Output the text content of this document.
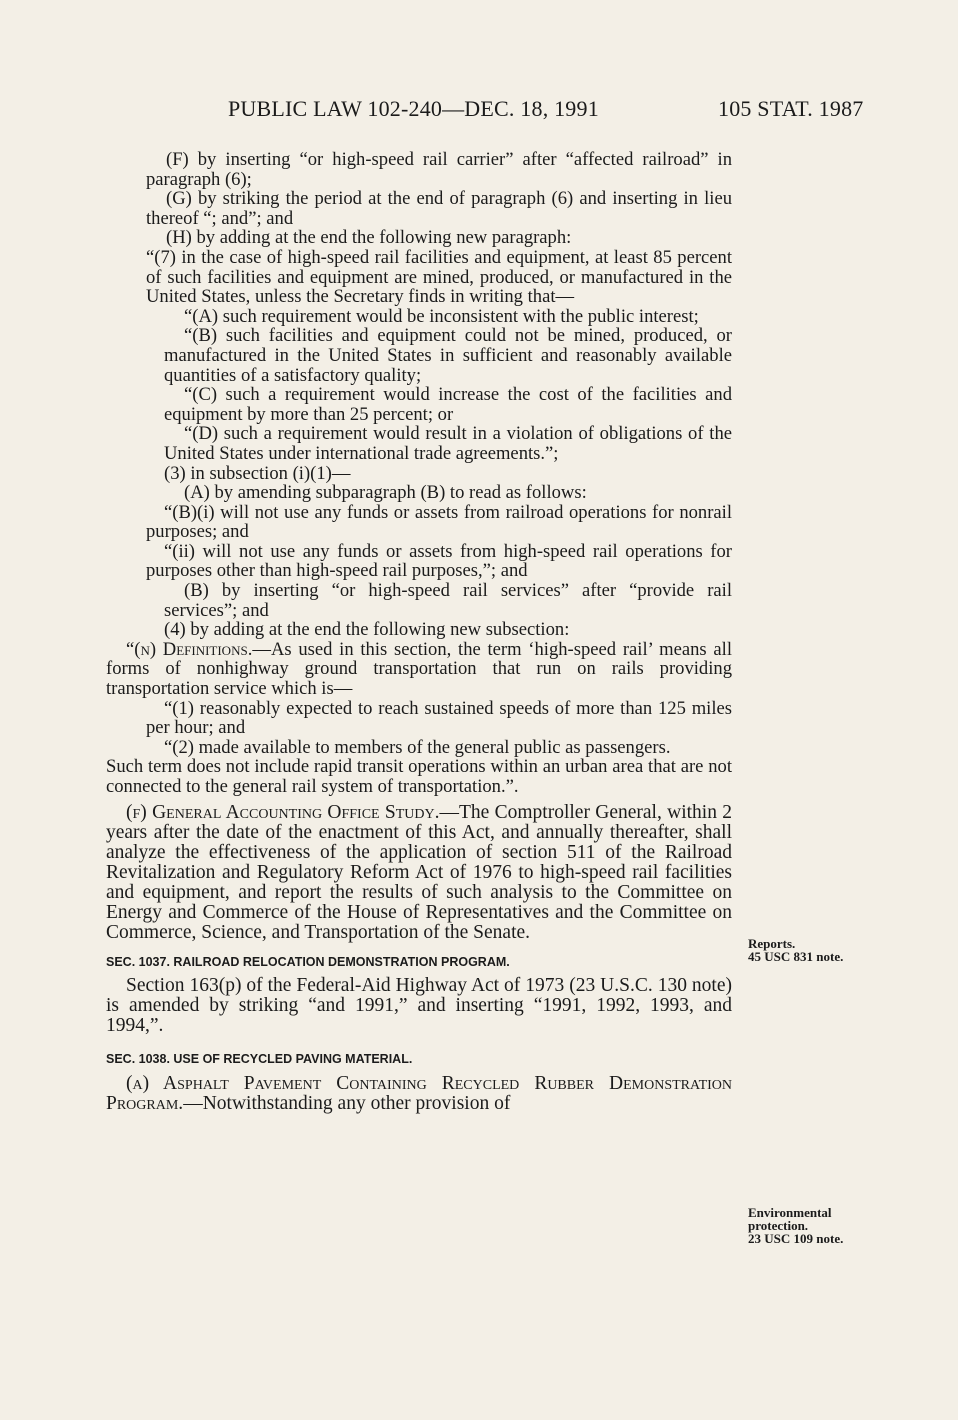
PUBLIC LAW 102-240—DEC. 18, 1991	105 STAT. 1987

(F) by inserting “or high-speed rail carrier” after “affected railroad” in paragraph (6);

(G) by striking the period at the end of paragraph (6) and inserting in lieu thereof “; and”; and

(H) by adding at the end the following new paragraph:

“(7) in the case of high-speed rail facilities and equipment, at least 85 percent of such facilities and equipment are mined, produced, or manufactured in the United States, unless the Secretary finds in writing that—

“(A) such requirement would be inconsistent with the public interest;

“(B) such facilities and equipment could not be mined, produced, or manufactured in the United States in sufficient and reasonably available quantities of a satisfactory quality;

“(C) such a requirement would increase the cost of the facilities and equipment by more than 25 percent; or

“(D) such a requirement would result in a violation of obligations of the United States under international trade agreements.”;

(3) in subsection (i)(1)—

(A) by amending subparagraph (B) to read as follows:

“(B)(i) will not use any funds or assets from railroad operations for nonrail purposes; and

“(ii) will not use any funds or assets from high-speed rail operations for purposes other than high-speed rail purposes,”; and

(B) by inserting “or high-speed rail services” after “provide rail services”; and

(4) by adding at the end the following new subsection:

“(n) Definitions.—As used in this section, the term ‘high-speed rail’ means all forms of nonhighway ground transportation that run on rails providing transportation service which is—

“(1) reasonably expected to reach sustained speeds of more than 125 miles per hour; and

“(2) made available to members of the general public as passengers.

Such term does not include rapid transit operations within an urban area that are not connected to the general rail system of transportation.”.

(f) General Accounting Office Study.—The Comptroller General, within 2 years after the date of the enactment of this Act, and annually thereafter, shall analyze the effectiveness of the application of section 511 of the Railroad Revitalization and Regulatory Reform Act of 1976 to high-speed rail facilities and equipment, and report the results of such analysis to the Committee on Energy and Commerce of the House of Representatives and the Committee on Commerce, Science, and Transportation of the Senate.

SEC. 1037. RAILROAD RELOCATION DEMONSTRATION PROGRAM.

Section 163(p) of the Federal-Aid Highway Act of 1973 (23 U.S.C. 130 note) is amended by striking “and 1991,” and inserting “1991, 1992, 1993, and 1994,”.

SEC. 1038. USE OF RECYCLED PAVING MATERIAL.

(a) Asphalt Pavement Containing Recycled Rubber Demonstration Program.—Notwithstanding any other provision of

Reports.
45 USC 831 note.
Environmental
protection.
23 USC 109 note.
